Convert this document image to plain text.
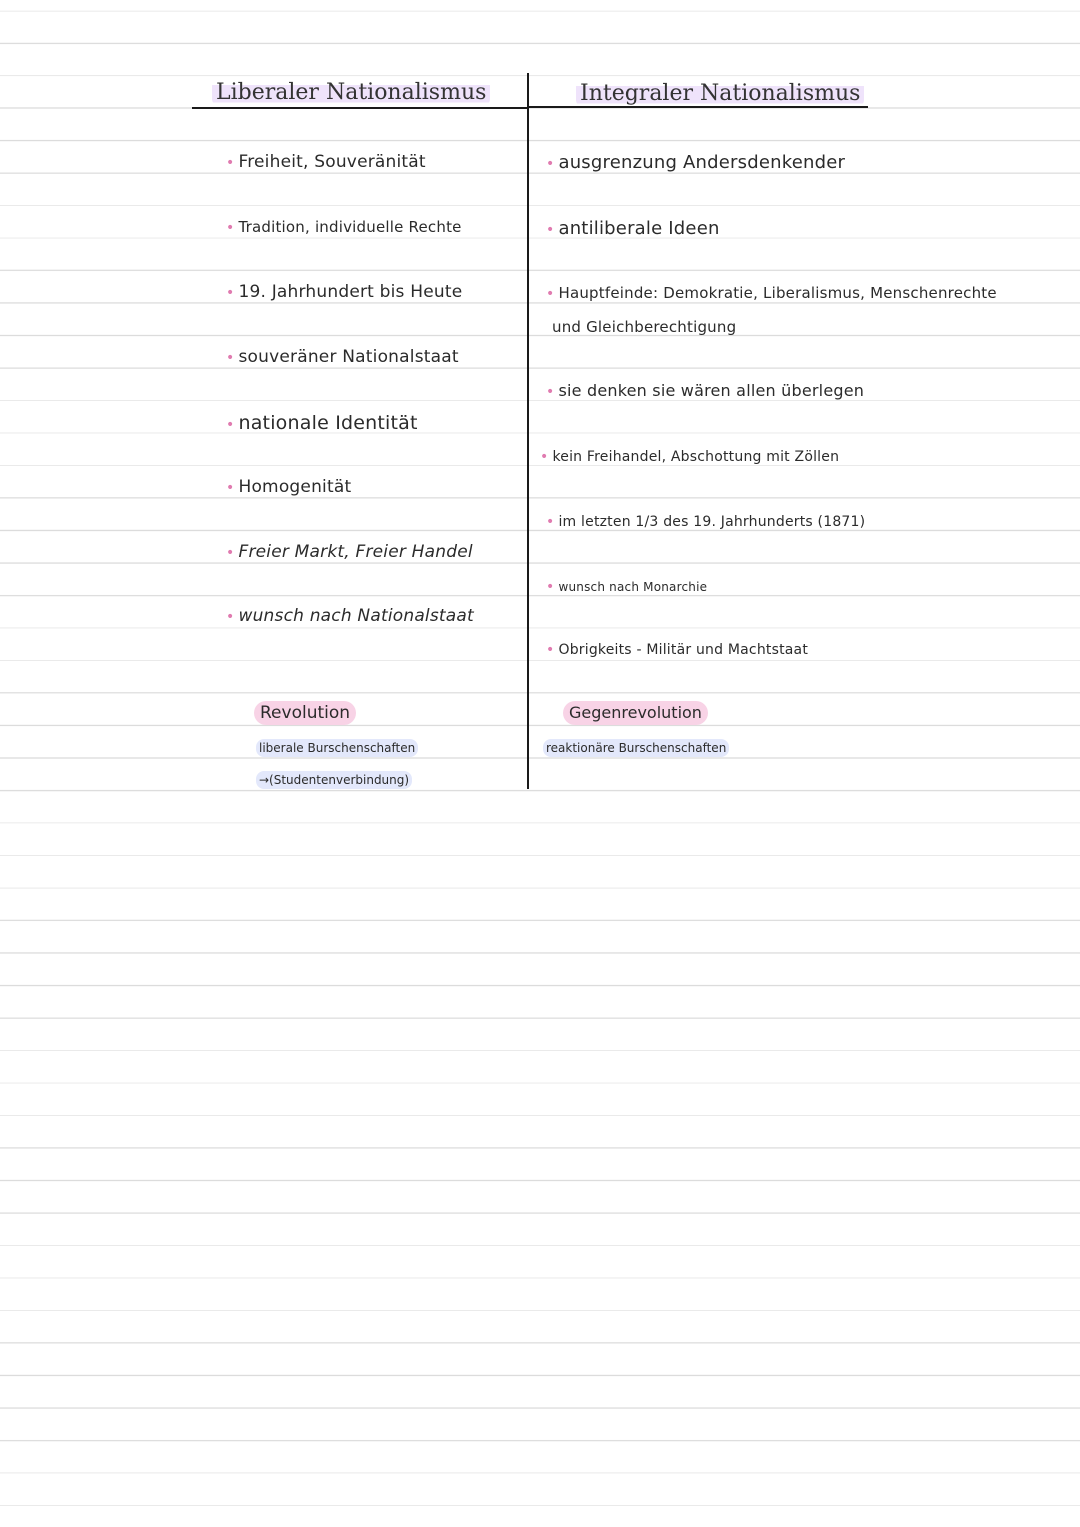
Liberaler Nationalismus	Integraler Nationalismus
• Freiheit, Souveränität
• Tradition, individuelle Rechte
• 19. Jahrhundert bis Heute
• souveräner Nationalstaat
• nationale Identität
• Homogenität
• Freier Markt, Freier Handel
• wunsch nach Nationalstaat
• ausgrenzung Andersdenkender
• antiliberale Ideen
• Hauptfeinde: Demokratie, Liberalismus, Menschenrechte
und Gleichberechtigung
• sie denken sie wären allen überlegen
• kein Freihandel, Abschottung mit Zöllen
• im letzten 1/3 des 19. Jahrhunderts (1871)
• wunsch nach Monarchie
• Obrigkeits - Militär und Machtstaat
Revolution
liberale Burschenschaften
→(Studentenverbindung)
Gegenrevolution
reaktionäre Burschenschaften
